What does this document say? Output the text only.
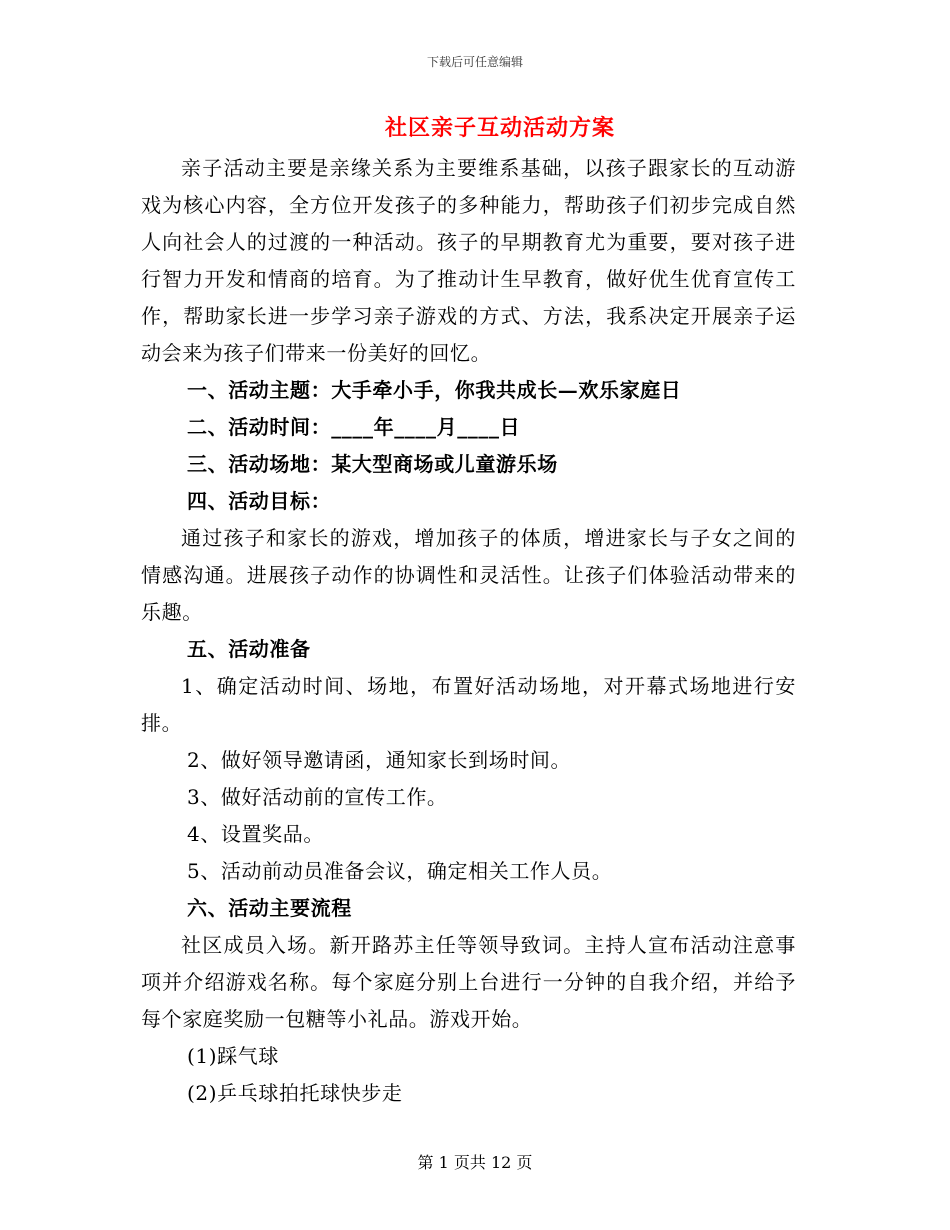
下载后可任意编辑
社区亲子互动活动方案

亲子活动主要是亲缘关系为主要维系基础，以孩子跟家长的互动游戏为核心内容，全方位开发孩子的多种能力，帮助孩子们初步完成自然人向社会人的过渡的一种活动。孩子的早期教育尤为重要，要对孩子进行智力开发和情商的培育。为了推动计生早教育，做好优生优育宣传工作，帮助家长进一步学习亲子游戏的方式、方法，我系决定开展亲子运动会来为孩子们带来一份美好的回忆。

一、活动主题：大手牵小手，你我共成长—欢乐家庭日

二、活动时间：____年____月____日

三、活动场地：某大型商场或儿童游乐场

四、活动目标：

通过孩子和家长的游戏，增加孩子的体质，增进家长与子女之间的情感沟通。进展孩子动作的协调性和灵活性。让孩子们体验活动带来的乐趣。

五、活动准备

1、确定活动时间、场地，布置好活动场地，对开幕式场地进行安排。

2、做好领导邀请函，通知家长到场时间。

3、做好活动前的宣传工作。

4、设置奖品。

5、活动前动员准备会议，确定相关工作人员。

六、活动主要流程

社区成员入场。新开路苏主任等领导致词。主持人宣布活动注意事项并介绍游戏名称。每个家庭分别上台进行一分钟的自我介绍，并给予每个家庭奖励一包糖等小礼品。游戏开始。

(1)踩气球

(2)乒乓球拍托球快步走

第 1 页共 12 页
